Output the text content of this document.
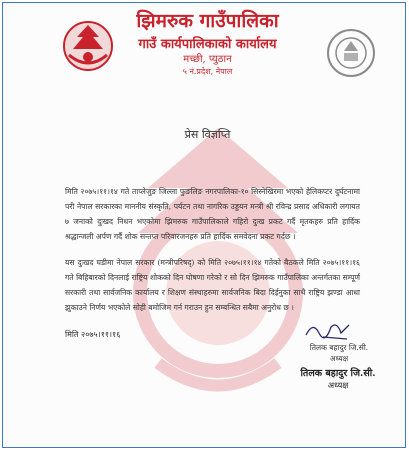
झिमरुक गाउँपालिका
गाउँ कार्यपालिकाको कार्यालय
मच्छी, प्युठान
५ नं.प्रदेश, नेपाल
प्रेस विज्ञप्ति
मिति २०७५।११।१४ गते ताप्लेजुङ जिल्ला फुङलिङ नगरपालिका-१० सिस्नेखिरमा भएको हेलिकप्टर दुर्घटनामा परी नेपाल सरकारका माननीय संस्कृति, पर्यटन तथा नागरिक उड्डयन मन्त्री श्री रविन्द्र प्रसाद अधिकारी लगायत ७ जनाको दुःखद निधन भएकोमा झिमरुक गाउँपालिकाले गहिरो दुःख प्रकट गर्दै मृतकहरु प्रति हार्दिक श्रद्धान्जली अर्पण गर्दै शोक सन्तप्त परिवारजनहरु प्रति हार्दिक समवेदना प्रकट गर्दछ ।
यस दुःखद घडीमा नेपाल सरकार (मन्त्रीपरिषद्) को मिति २०७५।११।१४ गतेको बैठकले मिति २०७५।११।१६ गते बिहिबारको दिनलाई राष्ट्रिय शोकको दिन घोषणा गरेको र सो दिन झिमरुक गाउँपालिका अन्तर्गतका सम्पूर्ण सरकारी तथा सार्वजनिक कार्यालय र शिक्षण संस्थाहरुमा सार्वजनिक बिदा दिईनुका साथै राष्ट्रिय झण्डा आधा झुकाउने निर्णय भएकोले सोही बमोजिम गर्न गराउन हुन सम्बन्धित सबैमा अनुरोध छ ।
मिति २०७५।११।१६
तिलक बहादुर जि.सी.
अध्यक्ष
तिलक बहादुर जि.सी.
अध्यक्ष
